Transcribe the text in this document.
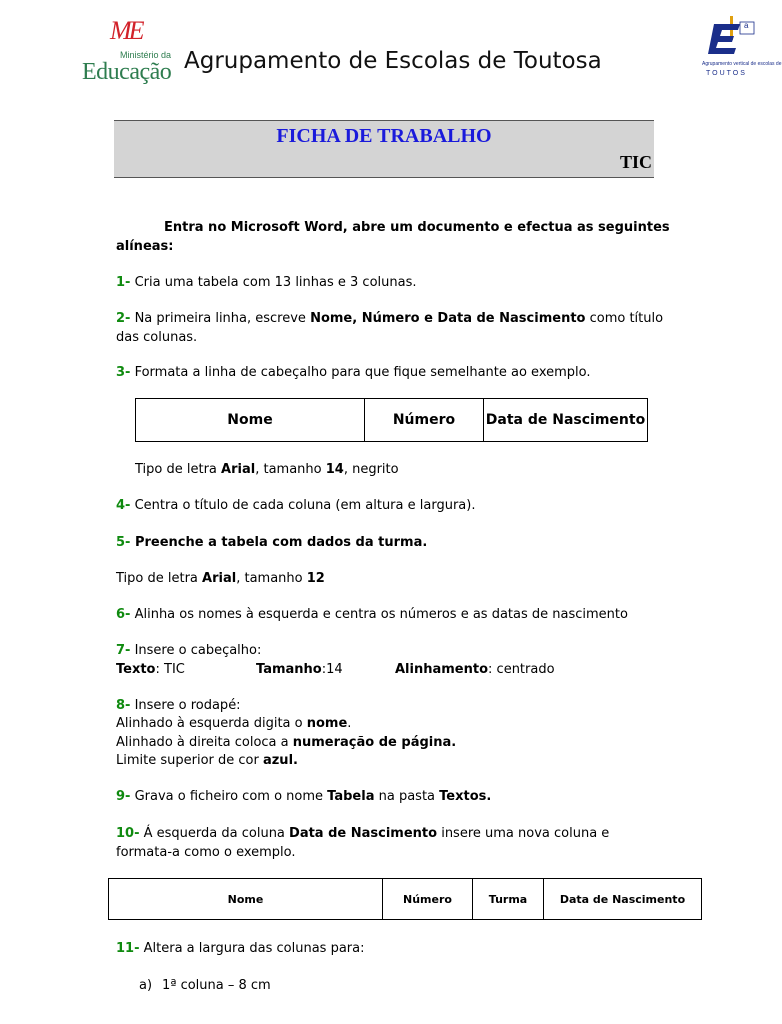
ME
Ministério da
Educação Agrupamento de Escolas de Toutosa
a
Agrupamento vertical de escolas de
TOUTOS
FICHA DE TRABALHO
TIC
Entra no Microsoft Word, abre um documento e efectua as seguintes
alíneas:
1- Cria uma tabela com 13 linhas e 3 colunas.
2- Na primeira linha, escreve Nome, Número e Data de Nascimento como título
das colunas.
3- Formata a linha de cabeçalho para que fique semelhante ao exemplo.
Nome	Número	Data de Nascimento
Tipo de letra Arial, tamanho 14, negrito
4- Centra o título de cada coluna (em altura e largura).
5- Preenche a tabela com dados da turma.
Tipo de letra Arial, tamanho 12
6- Alinha os nomes à esquerda e centra os números e as datas de nascimento
7- Insere o cabeçalho:
Texto: TIC	Tamanho:14	Alinhamento: centrado
8- Insere o rodapé:
Alinhado à esquerda digita o nome.
Alinhado à direita coloca a numeração de página.
Limite superior de cor azul.
9- Grava o ficheiro com o nome Tabela na pasta Textos.
10- Á esquerda da coluna Data de Nascimento insere uma nova coluna e
formata-a como o exemplo.
Nome	Número	Turma	Data de Nascimento
11- Altera a largura das colunas para:
a) 1ª coluna – 8 cm
